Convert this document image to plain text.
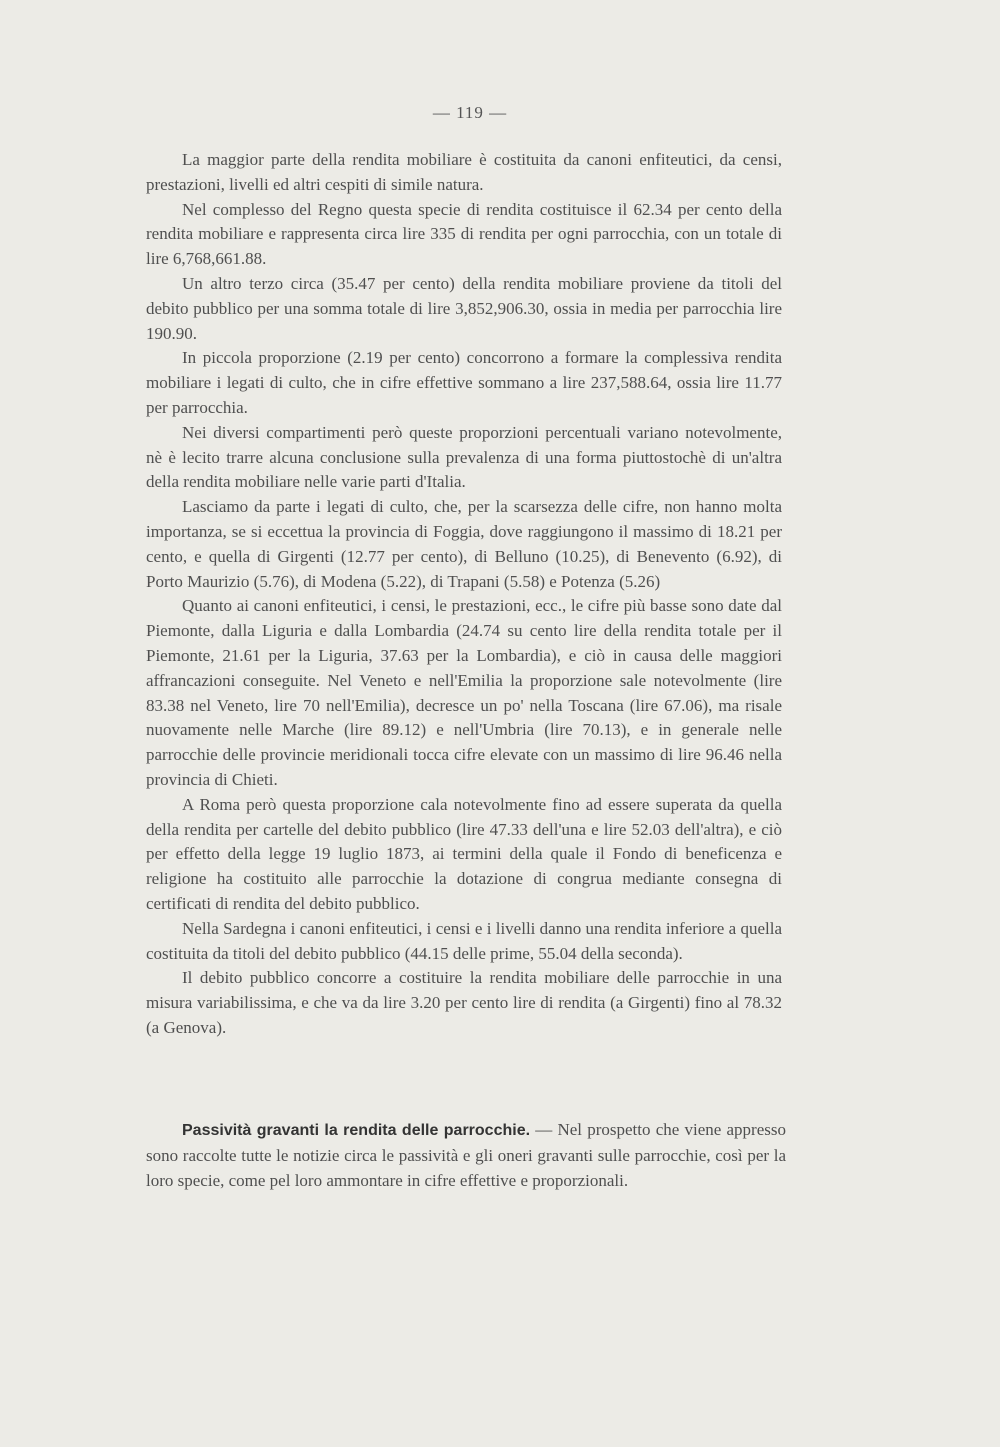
— 119 —

La maggior parte della rendita mobiliare è costituita da canoni enfiteutici, da censi, prestazioni, livelli ed altri cespiti di simile natura.

Nel complesso del Regno questa specie di rendita costituisce il 62.34 per cento della rendita mobiliare e rappresenta circa lire 335 di rendita per ogni parrocchia, con un totale di lire 6,768,661.88.

Un altro terzo circa (35.47 per cento) della rendita mobiliare proviene da titoli del debito pubblico per una somma totale di lire 3,852,906.30, ossia in media per parrocchia lire 190.90.

In piccola proporzione (2.19 per cento) concorrono a formare la complessiva rendita mobiliare i legati di culto, che in cifre effettive sommano a lire 237,588.64, ossia lire 11.77 per parrocchia.

Nei diversi compartimenti però queste proporzioni percentuali variano notevolmente, nè è lecito trarre alcuna conclusione sulla prevalenza di una forma piuttostochè di un'altra della rendita mobiliare nelle varie parti d'Italia.

Lasciamo da parte i legati di culto, che, per la scarsezza delle cifre, non hanno molta importanza, se si eccettua la provincia di Foggia, dove raggiungono il massimo di 18.21 per cento, e quella di Girgenti (12.77 per cento), di Belluno (10.25), di Benevento (6.92), di Porto Maurizio (5.76), di Modena (5.22), di Trapani (5.58) e Potenza (5.26)

Quanto ai canoni enfiteutici, i censi, le prestazioni, ecc., le cifre più basse sono date dal Piemonte, dalla Liguria e dalla Lombardia (24.74 su cento lire della rendita totale per il Piemonte, 21.61 per la Liguria, 37.63 per la Lombardia), e ciò in causa delle maggiori affrancazioni conseguite. Nel Veneto e nell'Emilia la proporzione sale notevolmente (lire 83.38 nel Veneto, lire 70 nell'Emilia), decresce un po' nella Toscana (lire 67.06), ma risale nuovamente nelle Marche (lire 89.12) e nell'Umbria (lire 70.13), e in generale nelle parrocchie delle provincie meridionali tocca cifre elevate con un massimo di lire 96.46 nella provincia di Chieti.

A Roma però questa proporzione cala notevolmente fino ad essere superata da quella della rendita per cartelle del debito pubblico (lire 47.33 dell'una e lire 52.03 dell'altra), e ciò per effetto della legge 19 luglio 1873, ai termini della quale il Fondo di beneficenza e religione ha costituito alle parrocchie la dotazione di congrua mediante consegna di certificati di rendita del debito pubblico.

Nella Sardegna i canoni enfiteutici, i censi e i livelli danno una rendita inferiore a quella costituita da titoli del debito pubblico (44.15 delle prime, 55.04 della seconda).

Il debito pubblico concorre a costituire la rendita mobiliare delle parrocchie in una misura variabilissima, e che va da lire 3.20 per cento lire di rendita (a Girgenti) fino al 78.32 (a Genova).

Passività gravanti la rendita delle parrocchie. — Nel prospetto che viene appresso sono raccolte tutte le notizie circa le passività e gli oneri gravanti sulle parrocchie, così per la loro specie, come pel loro ammontare in cifre effettive e proporzionali.
